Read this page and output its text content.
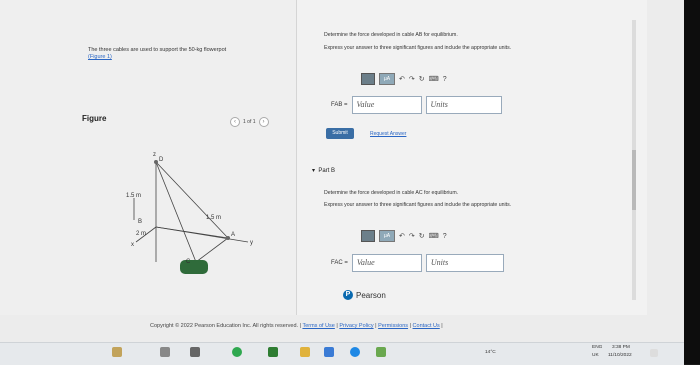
The three cables are used to support the 50-kg flowerpot
(Figure 1)
Figure	‹	1 of 1	›
D
z
C
A
B
y
x
1.5 m
1.5 m
2 m
Determine the force developed in cable AB for equilibrium.
Express your answer to three significant figures and include the appropriate units.
μA	↶ ↷ ↻ ⌨ ?
FAB =	Value	Units
Submit	Request Answer
▾ Part B
Determine the force developed in cable AC for equilibrium.
Express your answer to three significant figures and include the appropriate units.
μA	↶ ↷ ↻ ⌨ ?
FAC =	Value	Units
P Pearson
Copyright © 2022 Pearson Education Inc. All rights reserved. | Terms of Use | Privacy Policy | Permissions | Contact Us |
14°C
ENG
UK
3:38 PM
11/10/2022
